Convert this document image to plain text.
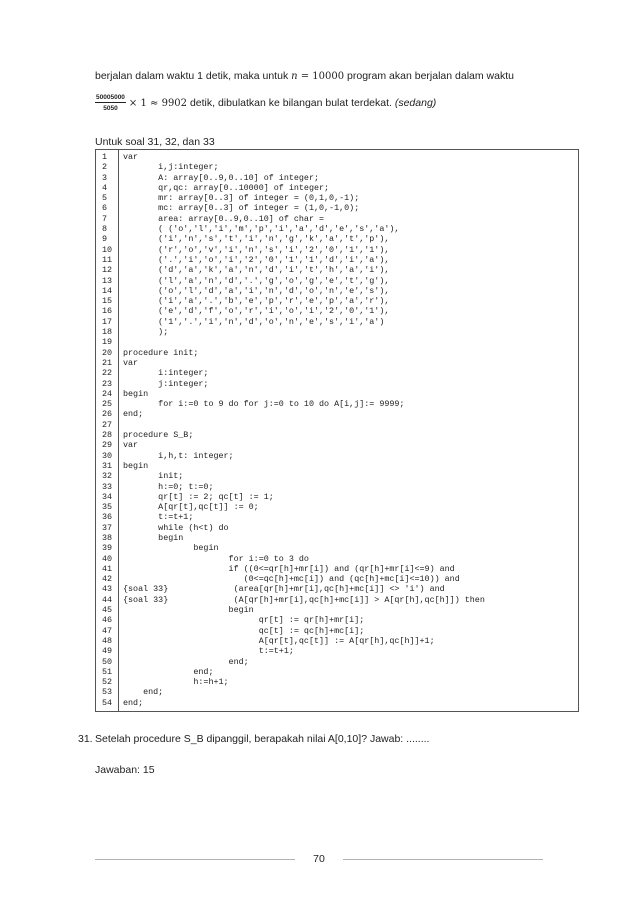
berjalan dalam waktu 1 detik, maka untuk n = 10000 program akan berjalan dalam waktu
$\frac{50005000}{5050} \times 1 \approx 9902$ detik, dibulatkan ke bilangan bulat terdekat. (sedang)
Untuk soal 31, 32, dan 33
1	var
2	i,j:integer;
3	A: array[0..9,0..10] of integer;
4	qr,qc: array[0..10000] of integer;
5	mr: array[0..3] of integer = (0,1,0,-1);
6	mc: array[0..3] of integer = (1,0,-1,0);
7	area: array[0..9,0..10] of char =
8	( ('o','l','i','m','p','i','a','d','e','s','a'),
9	('i','n','s','t','i','n','g','k','a','t','p'),
10	('r','o','v','i','n','s','i','2','0','1','1'),
11	('.','i','o','i','2','0','1','1','d','i','a'),
12	('d','a','k','a','n','d','i','t','h','a','i'),
13	('l','a','n','d','.','g','o','g','e','t','g'),
14	('o','l','d','a','i','n','d','o','n','e','s'),
15	('i','a','.','b','e','p','r','e','p','a','r'),
16	('e','d','f','o','r','i','o','i','2','0','1'),
17	('1','.','i','n','d','o','n','e','s','i','a')
18	);
19
20	procedure init;
21	var
22	i:integer;
23	j:integer;
24	begin
25	for i:=0 to 9 do for j:=0 to 10 do A[i,j]:= 9999;
26	end;
27
28	procedure S_B;
29	var
30	i,h,t: integer;
31	begin
32	init;
33	h:=0; t:=0;
34	qr[t] := 2; qc[t] := 1;
35	A[qr[t],qc[t]] := 0;
36	t:=t+1;
37	while (h<t) do
38	begin
39	begin
40	for i:=0 to 3 do
41	if ((0<=qr[h]+mr[i]) and (qr[h]+mr[i]<=9) and
42	(0<=qc[h]+mc[i]) and (qc[h]+mc[i]<=10)) and
43	{soal 33}             (area[qr[h]+mr[i],qc[h]+mc[i]] <> 'i') and
44	{soal 33}             (A[qr[h]+mr[i],qc[h]+mc[i]] > A[qr[h],qc[h]]) then
45	begin
46	qr[t] := qr[h]+mr[i];
47	qc[t] := qc[h]+mc[i];
48	A[qr[t],qc[t]] := A[qr[h],qc[h]]+1;
49	t:=t+1;
50	end;
51	end;
52	h:=h+1;
53	end;
54	end;
31. Setelah procedure S_B dipanggil, berapakah nilai A[0,10]? Jawab: ........
Jawaban: 15
70
